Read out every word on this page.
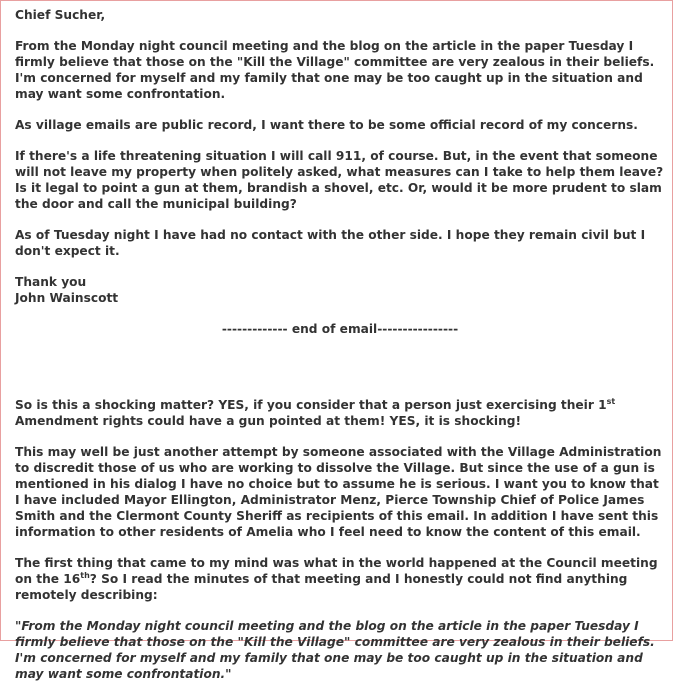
Chief Sucher,

From the Monday night council meeting and the blog on the article in the paper Tuesday I firmly believe that those on the "Kill the Village" committee are very zealous in their beliefs. I'm concerned for myself and my family that one may be too caught up in the situation and may want some confrontation.

As village emails are public record, I want there to be some official record of my concerns.

If there's a life threatening situation I will call 911, of course. But, in the event that someone will not leave my property when politely asked, what measures can I take to help them leave? Is it legal to point a gun at them, brandish a shovel, etc. Or, would it be more prudent to slam the door and call the municipal building?

As of Tuesday night I have had no contact with the other side. I hope they remain civil but I don't expect it.

Thank you
John Wainscott

------------- end of email----------------

So is this a shocking matter? YES, if you consider that a person just exercising their 1st Amendment rights could have a gun pointed at them! YES, it is shocking!

This may well be just another attempt by someone associated with the Village Administration to discredit those of us who are working to dissolve the Village. But since the use of a gun is mentioned in his dialog I have no choice but to assume he is serious. I want you to know that I have included Mayor Ellington, Administrator Menz, Pierce Township Chief of Police James Smith and the Clermont County Sheriff as recipients of this email. In addition I have sent this information to other residents of Amelia who I feel need to know the content of this email.

The first thing that came to my mind was what in the world happened at the Council meeting on the 16th? So I read the minutes of that meeting and I honestly could not find anything remotely describing:

"From the Monday night council meeting and the blog on the article in the paper Tuesday I firmly believe that those on the "Kill the Village" committee are very zealous in their beliefs. I'm concerned for myself and my family that one may be too caught up in the situation and may want some confrontation."
